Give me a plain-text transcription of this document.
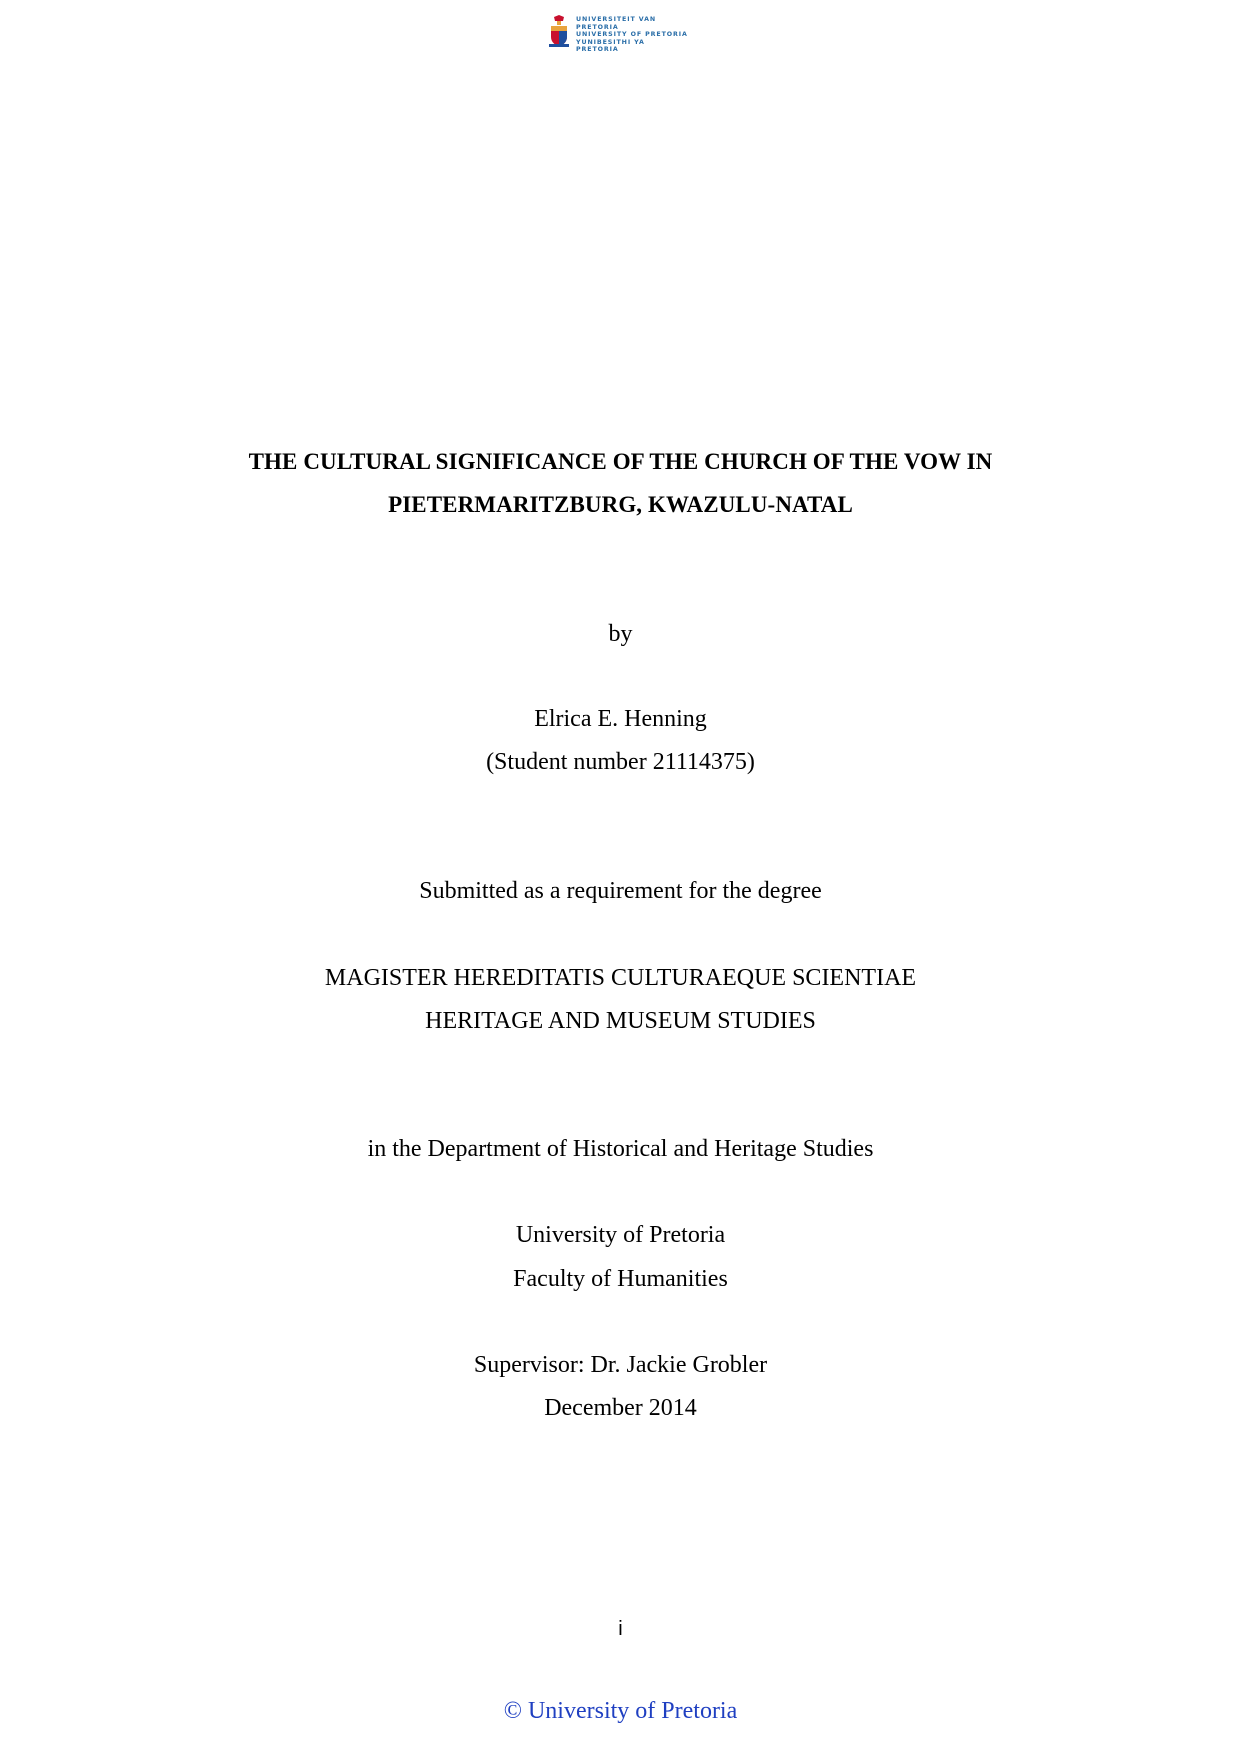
UNIVERSITEIT VAN PRETORIA
UNIVERSITY OF PRETORIA
YUNIBESITHI YA PRETORIA
THE CULTURAL SIGNIFICANCE OF THE CHURCH OF THE VOW IN
PIETERMARITZBURG, KWAZULU-NATAL
by
Elrica E. Henning
(Student number 21114375)
Submitted as a requirement for the degree
MAGISTER HEREDITATIS CULTURAEQUE SCIENTIAE
HERITAGE AND MUSEUM STUDIES
in the Department of Historical and Heritage Studies
University of Pretoria
Faculty of Humanities
Supervisor: Dr. Jackie Grobler
December 2014
i
© University of Pretoria
